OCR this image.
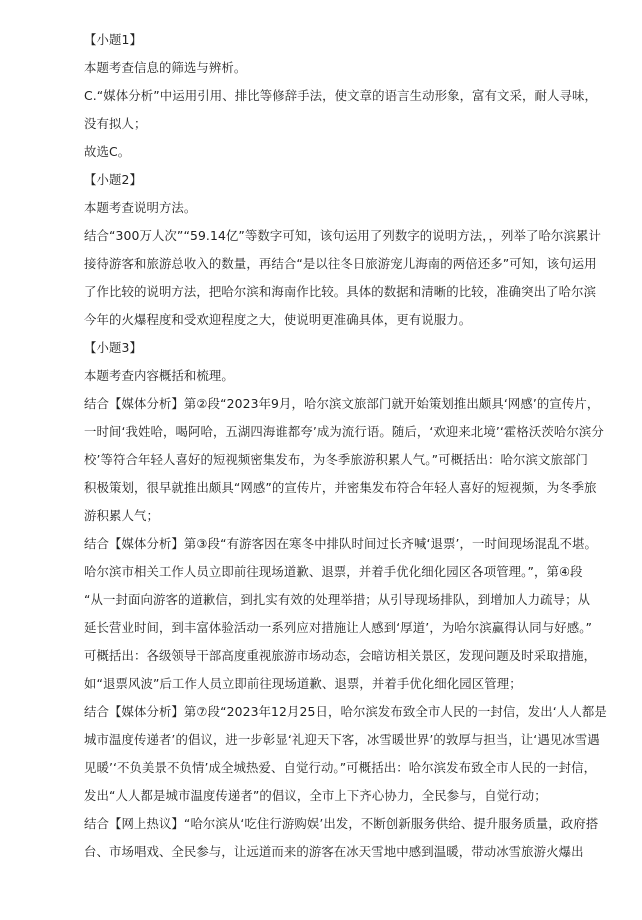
【小题1】
本题考查信息的筛选与辨析。
C.“媒体分析”中运用引用、排比等修辞手法，使文章的语言生动形象，富有文采，耐人寻味，
没有拟人；
故选C。
【小题2】
本题考查说明方法。
结合“300万人次”“59.14亿”等数字可知，该句运用了列数字的说明方法，，列举了哈尔滨累计
接待游客和旅游总收入的数量，再结合“是以往冬日旅游宠儿海南的两倍还多”可知，该句运用
了作比较的说明方法，把哈尔滨和海南作比较。具体的数据和清晰的比较，准确突出了哈尔滨
今年的火爆程度和受欢迎程度之大，使说明更准确具体，更有说服力。
【小题3】
本题考查内容概括和梳理。
结合【媒体分析】第②段“2023年9月，哈尔滨文旅部门就开始策划推出颇具‘网感’的宣传片，
一时间‘我姓哈，喝阿哈，五湖四海谁都夸’成为流行语。随后，‘欢迎来北境’‘霍格沃茨哈尔滨分
校’等符合年轻人喜好的短视频密集发布，为冬季旅游积累人气。”可概括出：哈尔滨文旅部门
积极策划，很早就推出颇具“网感”的宣传片，并密集发布符合年轻人喜好的短视频，为冬季旅
游积累人气；
结合【媒体分析】第③段“有游客因在寒冬中排队时间过长齐喊‘退票’，一时间现场混乱不堪。
哈尔滨市相关工作人员立即前往现场道歉、退票，并着手优化细化园区各项管理。”，第④段
“从一封面向游客的道歉信，到扎实有效的处理举措；从引导现场排队，到增加人力疏导；从
延长营业时间，到丰富体验活动一系列应对措施让人感到‘厚道’，为哈尔滨赢得认同与好感。”
可概括出：各级领导干部高度重视旅游市场动态，会暗访相关景区，发现问题及时采取措施，
如“退票风波”后工作人员立即前往现场道歉、退票，并着手优化细化园区管理；
结合【媒体分析】第⑦段“2023年12月25日，哈尔滨发布致全市人民的一封信，发出‘人人都是
城市温度传递者’的倡议，进一步彰显‘礼迎天下客，冰雪暖世界’的敦厚与担当，让‘遇见冰雪遇
见暖’‘不负美景不负情’成全城热爱、自觉行动。”可概括出：哈尔滨发布致全市人民的一封信，
发出“人人都是城市温度传递者”的倡议，全市上下齐心协力，全民参与，自觉行动；
结合【网上热议】“哈尔滨从‘吃住行游购娱’出发，不断创新服务供给、提升服务质量，政府搭
台、市场唱戏、全民参与，让远道而来的游客在冰天雪地中感到温暖，带动冰雪旅游火爆出
